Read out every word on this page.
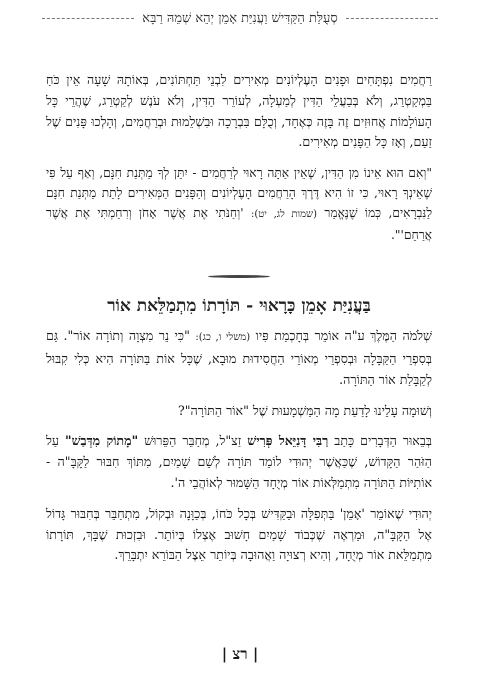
סְעֻלַּת הַקַּדִּישׁ וַעֲנִיַּת אָמֵן יְהֵא שְׁמֵהּ רַבָּא

רַחֲמִים נִפְתָּחִים וּפָנִים הָעֶלְיוֹנִים מְאִירִים לִבְנֵי תַּחְתּוֹנִים, בְּאוֹתָהּ שָׁעָה אֵין כֹּחַ בַּמְקַטְרֵג, וְלֹא בְּבַעֲלֵי הַדִּין לְמַעְלָה, לְעוֹרֵר הַדִּין, וְלֹא עֹנֶשׁ לְקַטְרֵג, שֶׁהֲרֵי כָּל הָעוֹלָמוֹת אֲחוּזִים זֶה בָּזֶה כְּאֶחָד, וְכֻלָּם בִּבְרָכָה וּבִשְׁלֵמוּת וּבְרַחֲמִים, וְהָלְכוּ פָּנִים שֶׁל זַעַם, וְאָז כָּל הַפָּנִים מְאִירִים.

"וְאִם הוּא אֵינוֹ מִן הַדִּין, שֶׁאֵין אַתָּה רָאוּי לְרַחֲמִים - יִתֵּן לְךָ מַתְּנַת חִנָּם, וְאַף עַל פִּי שֶׁאֵינְךָ רָאוּי, כִּי זוֹ הִיא דֶּרֶךְ הָרַחֲמִים הָעֶלְיוֹנִים וְהַפָּנִים הַמְּאִירִים לָתֵת מַתְּנַת חִנָּם לַנִּבְרָאִים, כְּמוֹ שֶׁנֶּאֱמַר (שמות לג, יט): 'וְחַנֹּתִי אֶת אֲשֶׁר אָחֹן וְרִחַמְתִּי אֶת אֲשֶׁר אֲרַחֵם'".

בַּעֲנִיַּת אָמֵן כָּרָאוּי - תּוֹרָתוֹ מִתְמַלֵּאת אוֹר

שְׁלֹמֹה הַמֶּלֶךְ ע"ה אוֹמֵר בְּחָכְמַת פִּיו (משלי ו, כג): "כִּי נֵר מִצְוָה וְתוֹרָה אוֹר". גַּם בְּסִפְרֵי הַקַּבָּלָה וּבְסִפְרֵי מְאוֹרֵי הַחֲסִידוּת מוּבָא, שֶׁכָּל אוֹת בַּתּוֹרָה הִיא כְּלִי קִבּוּל לְקַבָּלַת אוֹר הַתּוֹרָה.

וְשׁוּמָה עָלֵינוּ לָדַעַת מָה הַמַּשְׁמָעוּת שֶׁל "אוֹר הַתּוֹרָה"?

בְּבֵאוּר הַדְּבָרִים כָּתַב רַבִּי דָּנִיֵּאל פְּרִישׁ זַצ"ל, מְחַבֵּר הַפֵּרוּשׁ "מָתוֹק מִדְּבַשׁ" עַל הַזֹּהַר הַקָּדוֹשׁ, שֶׁכַּאֲשֶׁר יְהוּדִי לוֹמֵד תּוֹרָה לְשֵׁם שָׁמַיִם, מִתּוֹךְ חִבּוּר לַקָּבָּ"ה - אוֹתִיּוֹת הַתּוֹרָה מִתְמַלְּאוֹת אוֹר מְיֻחָד הַשָּׁמוּר לְאוֹהֲבֵי ה'.

יְהוּדִי שֶׁאוֹמֵר 'אָמֵן' בַּתְּפִלָּה וּבַקַּדִּישׁ בְּכָל כֹּחוֹ, בְּכַוָּנָה וּבְקוֹל, מִתְחַבֵּר בְּחִבּוּר גָּדוֹל אֶל הַקָּבָּ"ה, וּמַרְאֶה שֶׁכְּבוֹד שָׁמַיִם חָשׁוּב אֶצְלוֹ בְּיוֹתֵר. וּבִזְכוּת שֶׁבָּךְ, תּוֹרָתוֹ מִתְמַלֵּאת אוֹר מְיֻחָד, וְהִיא רְצוּיָה וַאֲהוּבָה בְּיוֹתֵר אֵצֶל הַבּוֹרֵא יִתְבָּרֵךְ.

| רצ |
